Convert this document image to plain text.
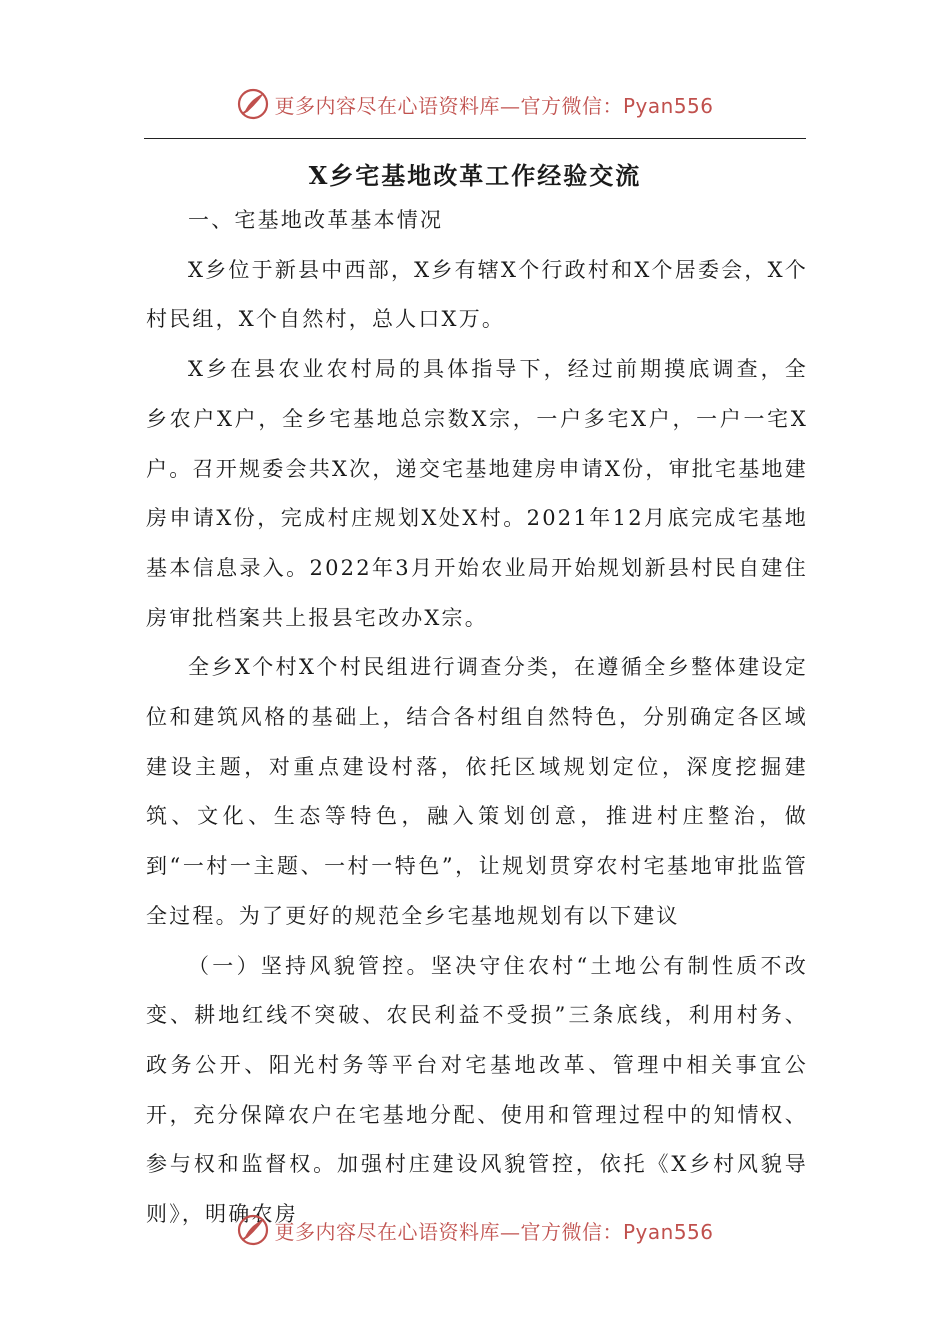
更多内容尽在心语资料库—官方微信：Pyan556
X乡宅基地改革工作经验交流

一、宅基地改革基本情况

X乡位于新县中西部，X乡有辖X个行政村和X个居委会，X个村民组，X个自然村，总人口X万。

X乡在县农业农村局的具体指导下，经过前期摸底调查，全乡农户X户，全乡宅基地总宗数X宗，一户多宅X户，一户一宅X户。召开规委会共X次，递交宅基地建房申请X份，审批宅基地建房申请X份，完成村庄规划X处X村。2021年12月底完成宅基地基本信息录入。2022年3月开始农业局开始规划新县村民自建住房审批档案共上报县宅改办X宗。

全乡X个村X个村民组进行调查分类，在遵循全乡整体建设定位和建筑风格的基础上，结合各村组自然特色，分别确定各区域建设主题，对重点建设村落，依托区域规划定位，深度挖掘建筑、文化、生态等特色，融入策划创意，推进村庄整治，做到“一村一主题、一村一特色”，让规划贯穿农村宅基地审批监管全过程。为了更好的规范全乡宅基地规划有以下建议

（一）坚持风貌管控。坚决守住农村“土地公有制性质不改变、耕地红线不突破、农民利益不受损”三条底线，利用村务、政务公开、阳光村务等平台对宅基地改革、管理中相关事宜公开，充分保障农户在宅基地分配、使用和管理过程中的知情权、参与权和监督权。加强村庄建设风貌管控，依托《X乡村风貌导则》，明确农房

更多内容尽在心语资料库—官方微信：Pyan556
